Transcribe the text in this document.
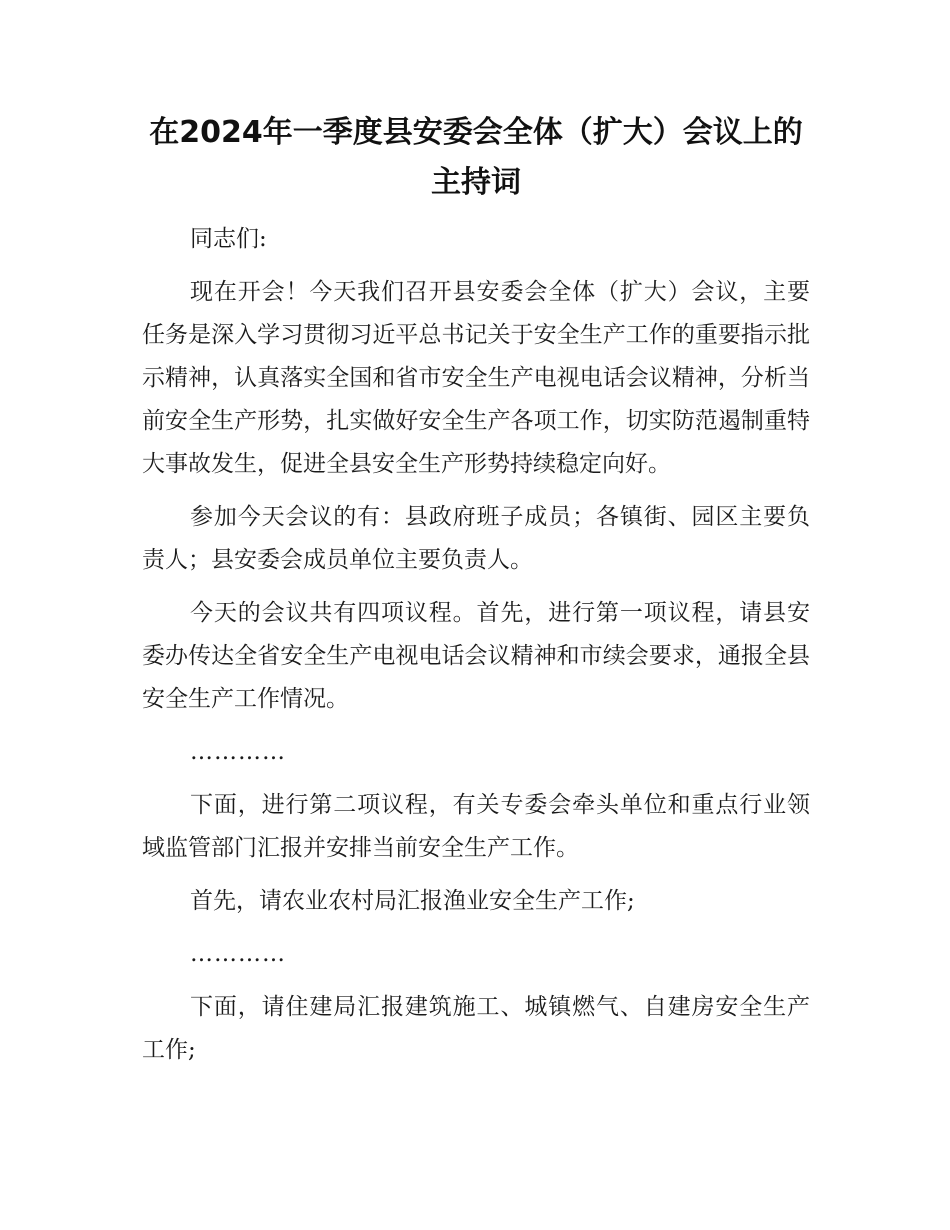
在2024年一季度县安委会全体（扩大）会议上的主持词

同志们:

现在开会！今天我们召开县安委会全体（扩大）会议，主要任务是深入学习贯彻习近平总书记关于安全生产工作的重要指示批示精神，认真落实全国和省市安全生产电视电话会议精神，分析当前安全生产形势，扎实做好安全生产各项工作，切实防范遏制重特大事故发生，促进全县安全生产形势持续稳定向好。

参加今天会议的有：县政府班子成员；各镇街、园区主要负责人；县安委会成员单位主要负责人。

今天的会议共有四项议程。首先，进行第一项议程，请县安委办传达全省安全生产电视电话会议精神和市续会要求，通报全县安全生产工作情况。

…………

下面，进行第二项议程，有关专委会牵头单位和重点行业领域监管部门汇报并安排当前安全生产工作。

首先，请农业农村局汇报渔业安全生产工作;

…………

下面，请住建局汇报建筑施工、城镇燃气、自建房安全生产工作;
